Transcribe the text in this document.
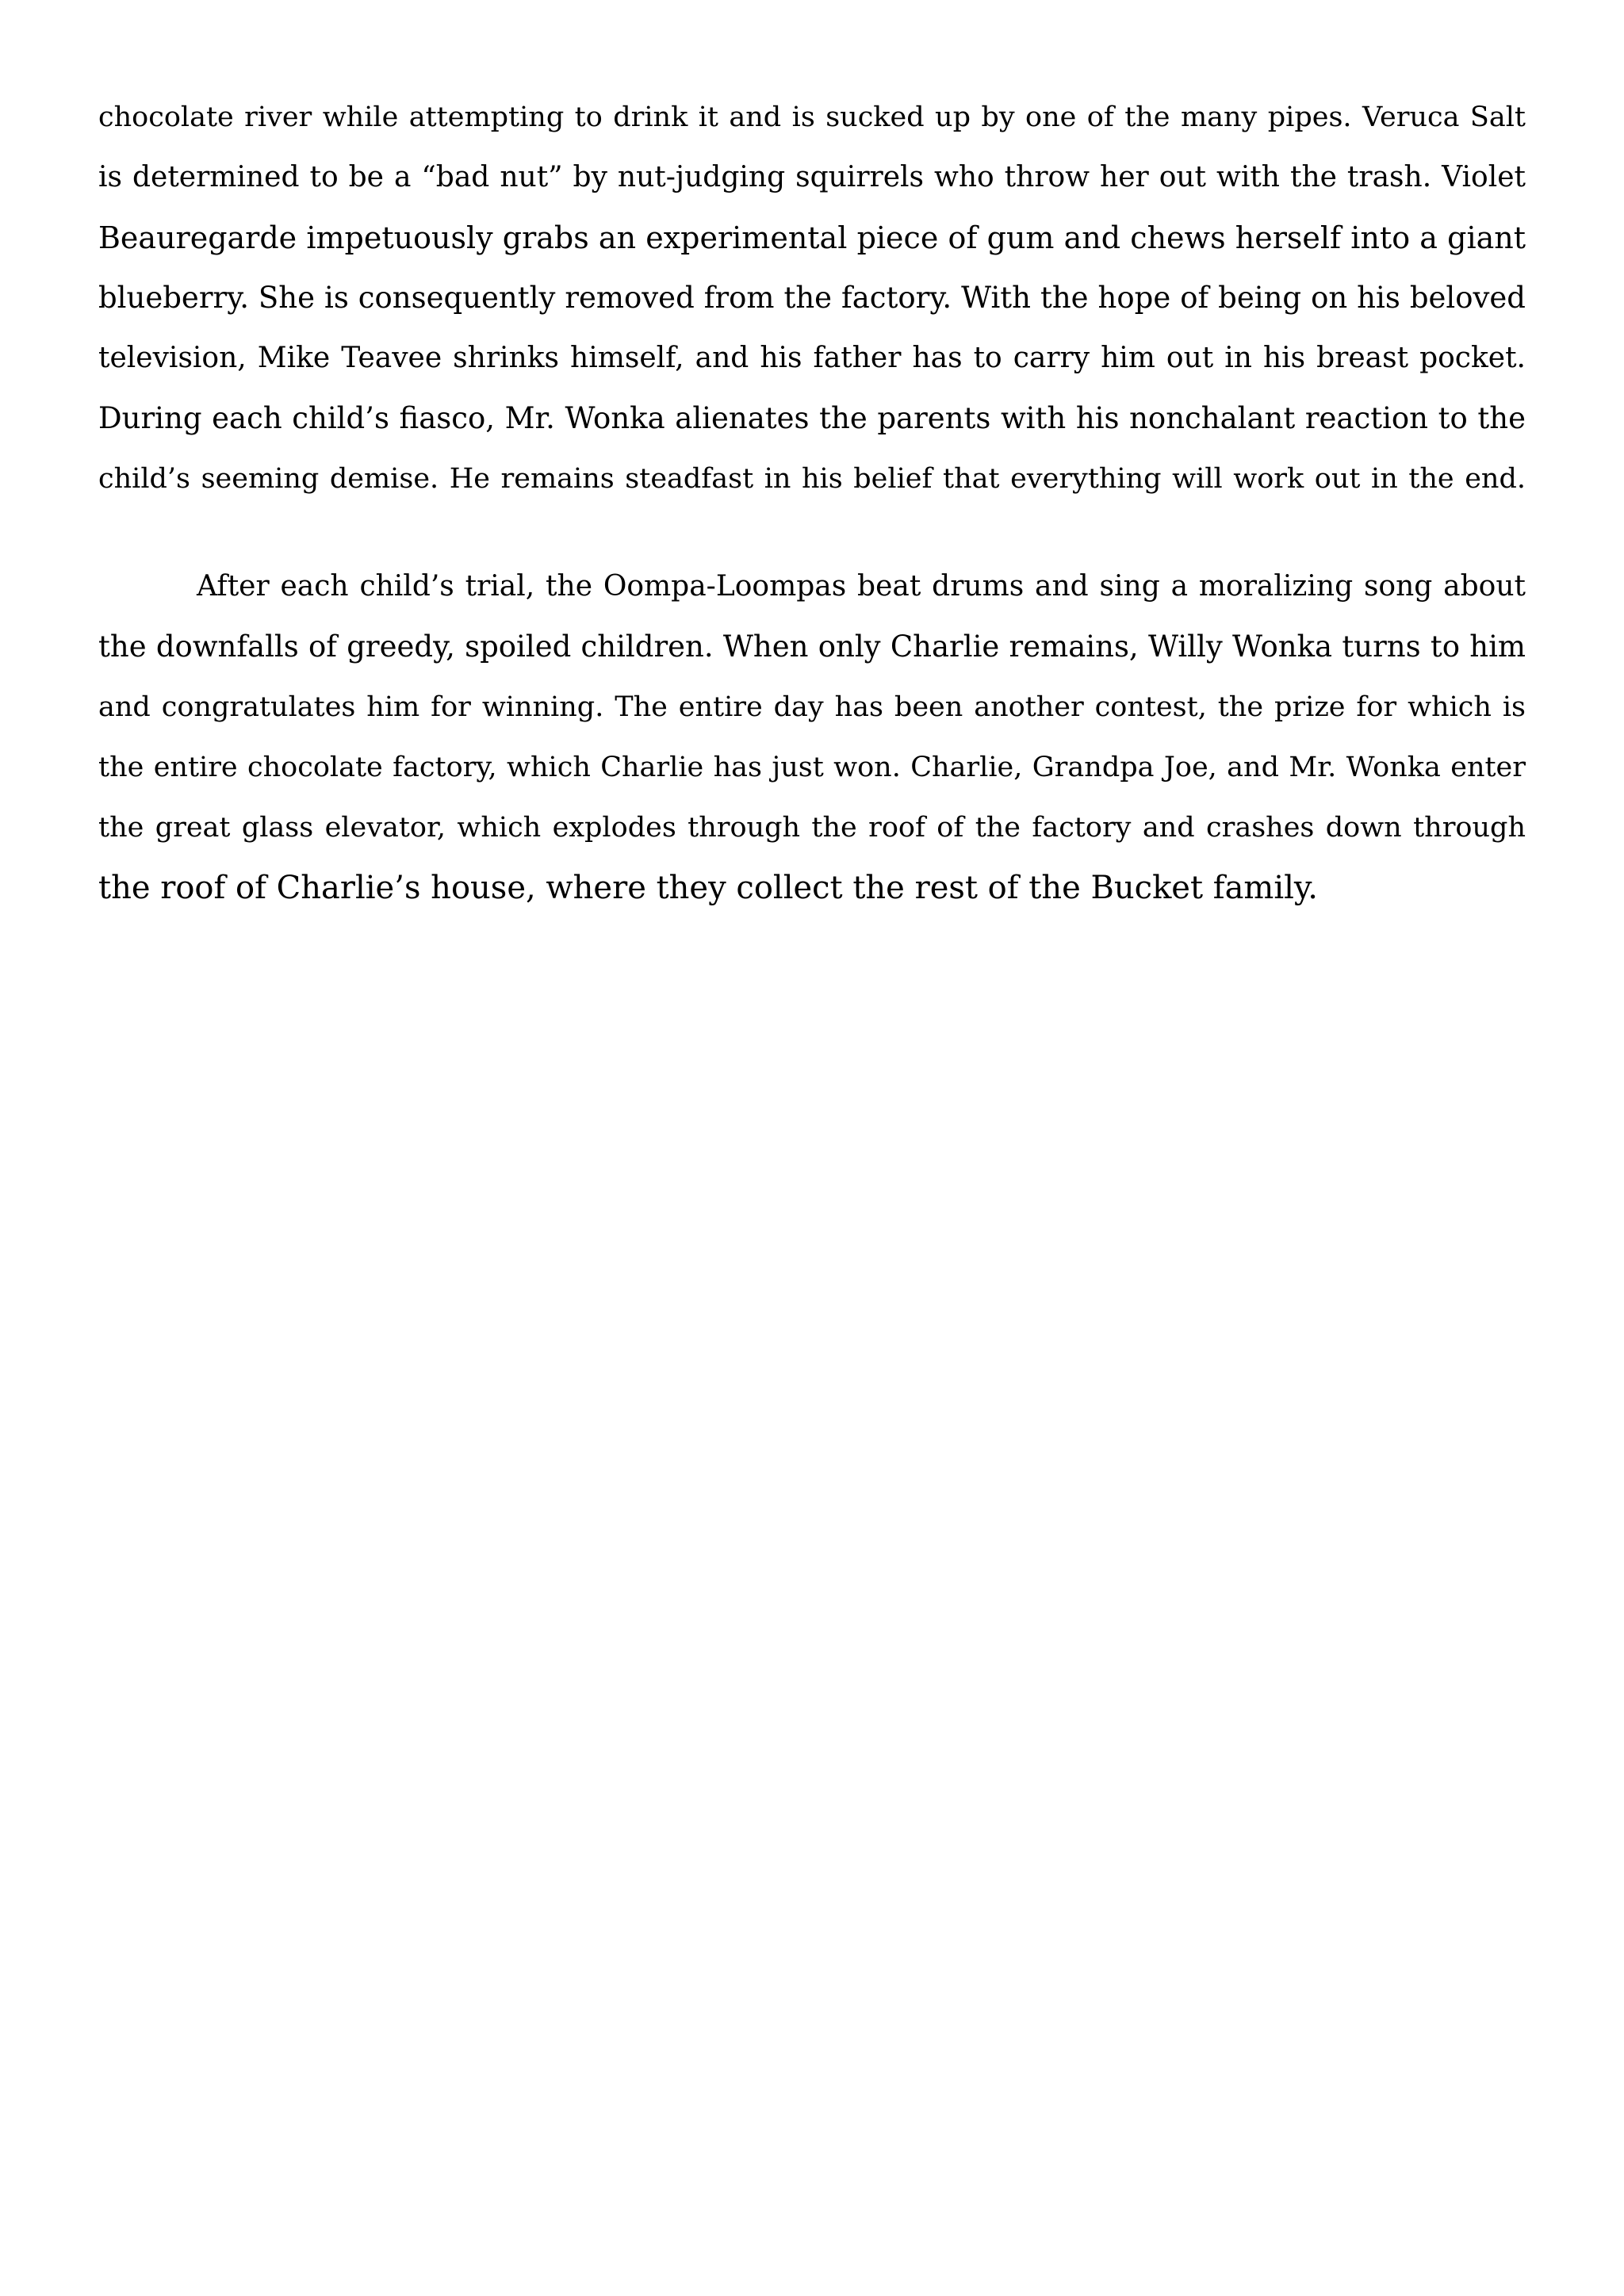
chocolate river while attempting to drink it and is sucked up by one of the many pipes. Veruca Salt
is determined to be a “bad nut” by nut-judging squirrels who throw her out with the trash. Violet
Beauregarde impetuously grabs an experimental piece of gum and chews herself into a giant
blueberry. She is consequently removed from the factory. With the hope of being on his beloved
television, Mike Teavee shrinks himself, and his father has to carry him out in his breast pocket.
During each child’s fiasco, Mr. Wonka alienates the parents with his nonchalant reaction to the
child’s seeming demise. He remains steadfast in his belief that everything will work out in the end.
After each child’s trial, the Oompa-Loompas beat drums and sing a moralizing song about
the downfalls of greedy, spoiled children. When only Charlie remains, Willy Wonka turns to him
and congratulates him for winning. The entire day has been another contest, the prize for which is
the entire chocolate factory, which Charlie has just won. Charlie, Grandpa Joe, and Mr. Wonka enter
the great glass elevator, which explodes through the roof of the factory and crashes down through
the roof of Charlie’s house, where they collect the rest of the Bucket family.
